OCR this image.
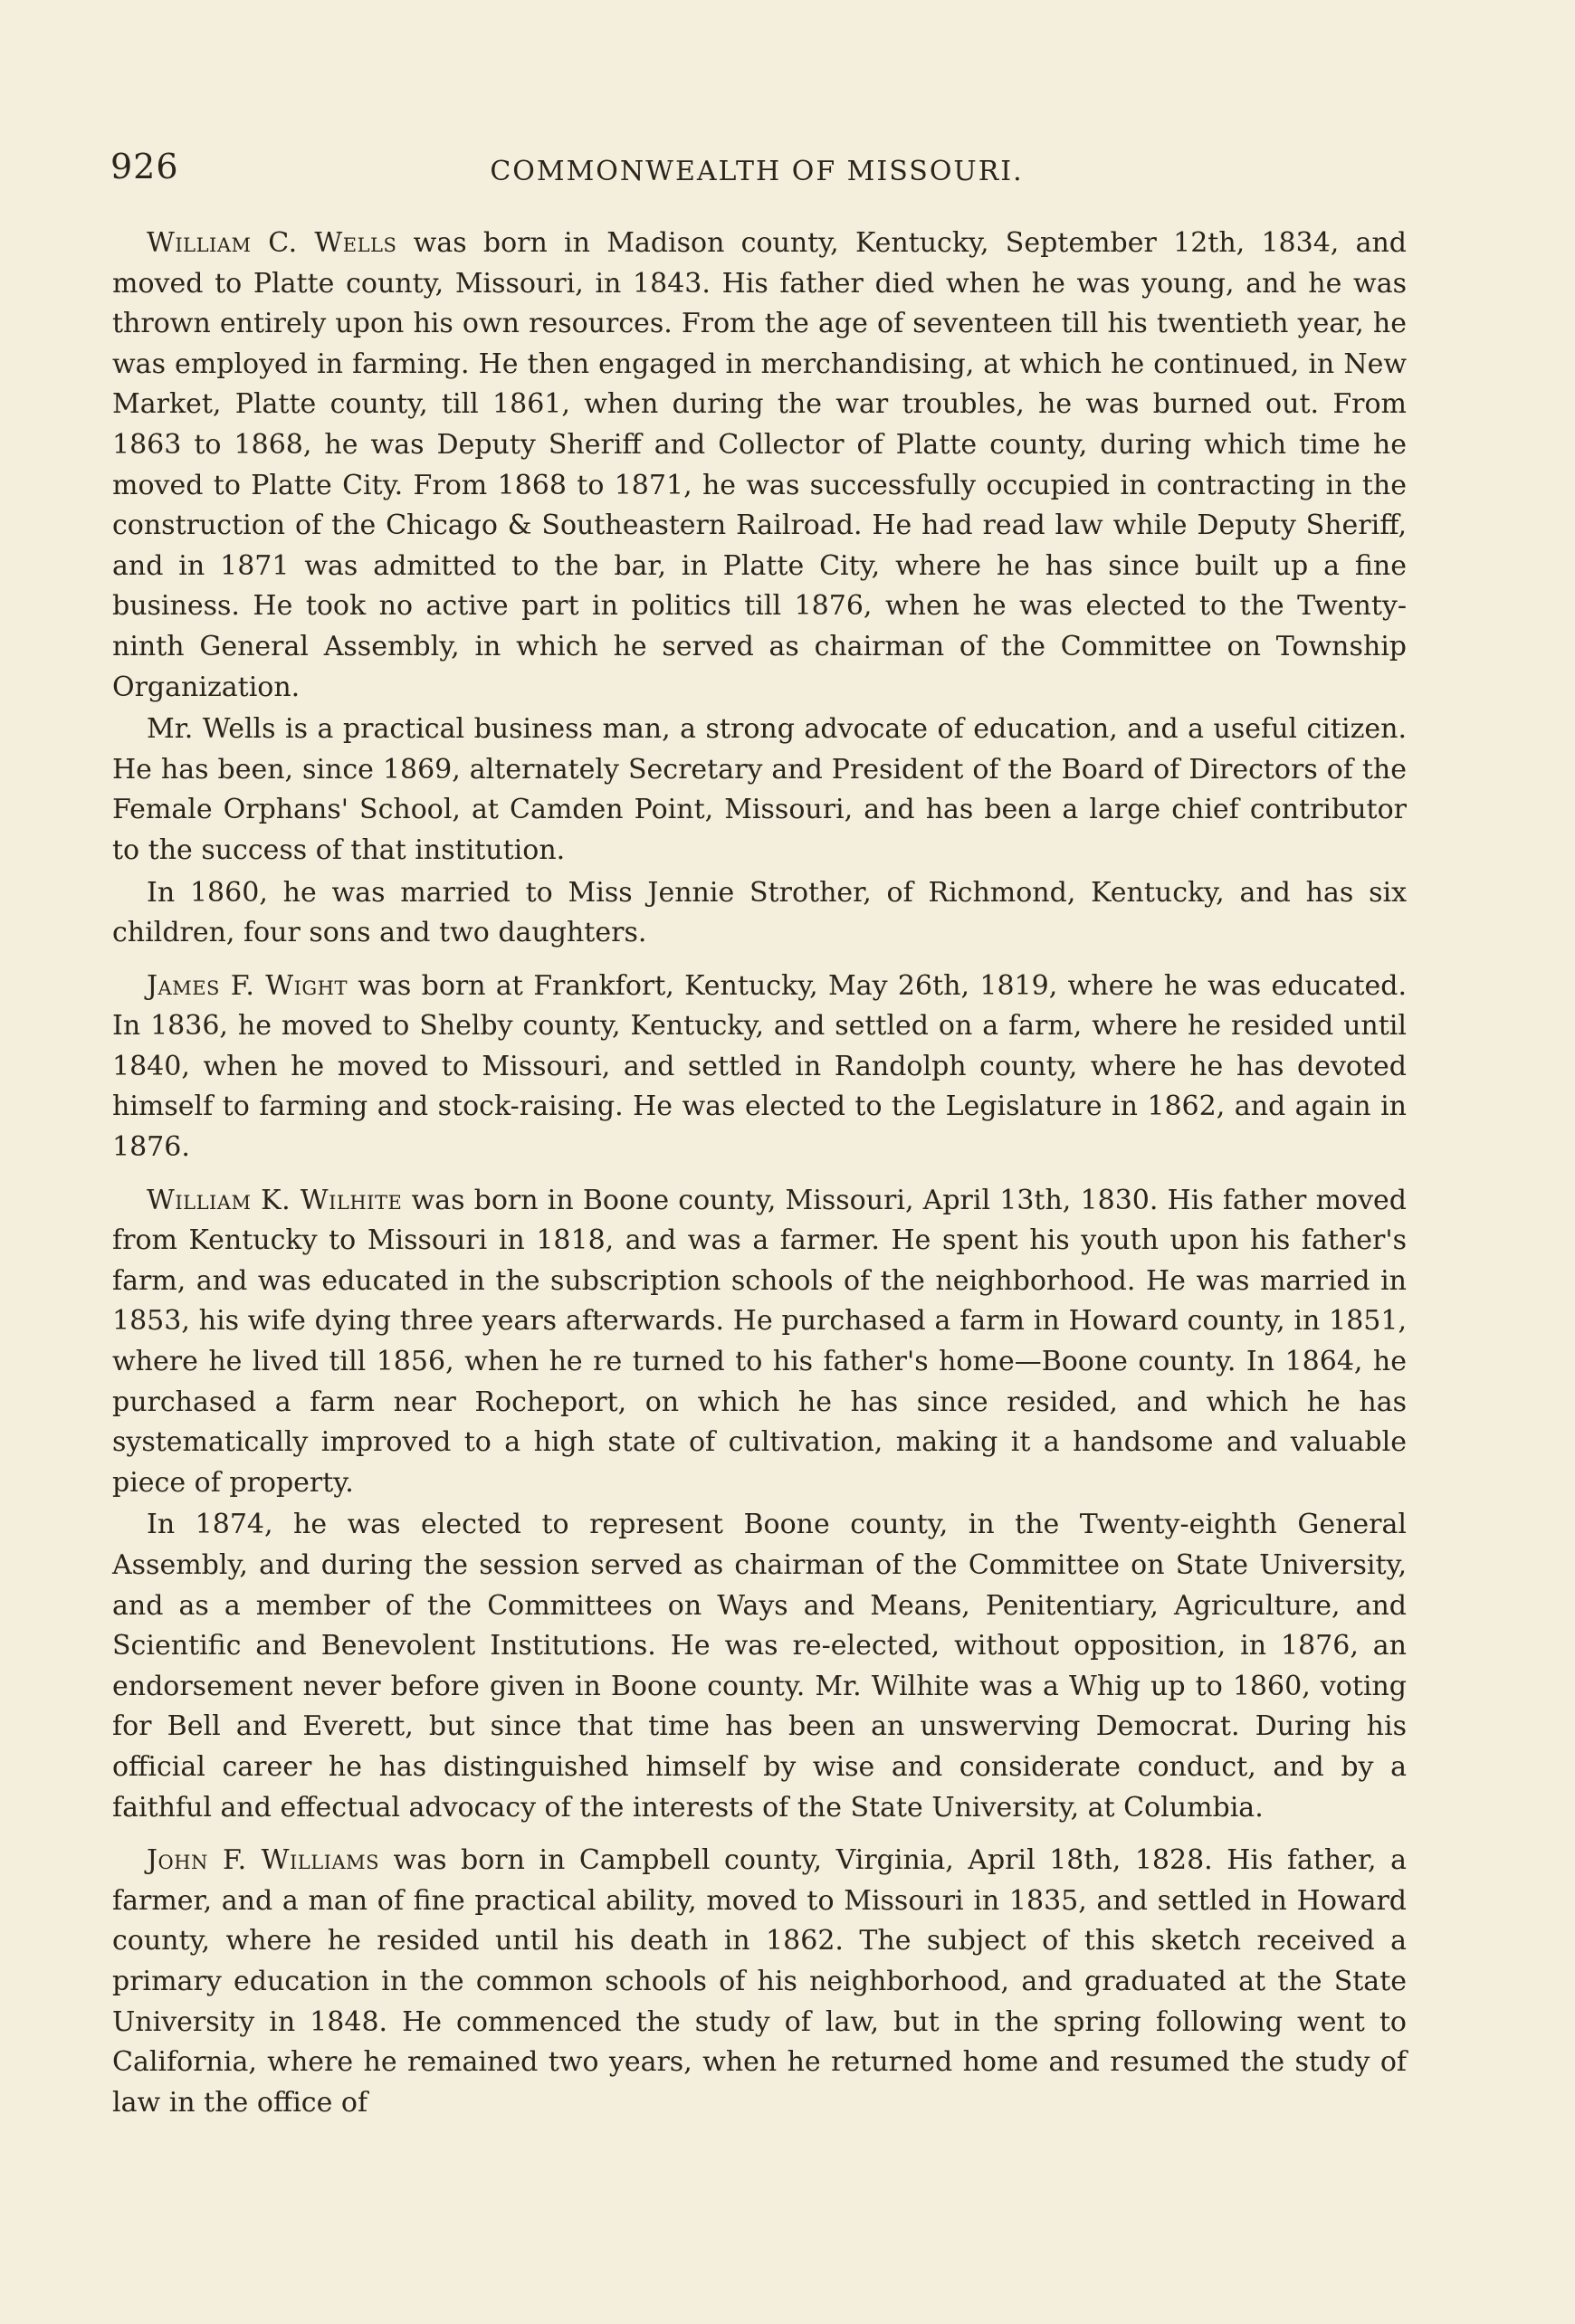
926	COMMONWEALTH OF MISSOURI.

William C. Wells was born in Madison county, Kentucky, September 12th, 1834, and moved to Platte county, Missouri, in 1843. His father died when he was young, and he was thrown entirely upon his own resources. From the age of seventeen till his twentieth year, he was employed in farming. He then engaged in merchandising, at which he continued, in New Market, Platte county, till 1861, when during the war troubles, he was burned out. From 1863 to 1868, he was Deputy Sheriff and Collector of Platte county, during which time he moved to Platte City. From 1868 to 1871, he was successfully occupied in contracting in the construction of the Chicago & Southeastern Railroad. He had read law while Deputy Sheriff, and in 1871 was admitted to the bar, in Platte City, where he has since built up a fine business. He took no active part in politics till 1876, when he was elected to the Twenty-ninth General Assembly, in which he served as chairman of the Committee on Township Organization.

Mr. Wells is a practical business man, a strong advocate of education, and a useful citizen. He has been, since 1869, alternately Secretary and President of the Board of Directors of the Female Orphans' School, at Camden Point, Missouri, and has been a large chief contributor to the success of that institution.

In 1860, he was married to Miss Jennie Strother, of Richmond, Kentucky, and has six children, four sons and two daughters.

James F. Wight was born at Frankfort, Kentucky, May 26th, 1819, where he was educated. In 1836, he moved to Shelby county, Kentucky, and settled on a farm, where he resided until 1840, when he moved to Missouri, and settled in Randolph county, where he has devoted himself to farming and stock-raising. He was elected to the Legislature in 1862, and again in 1876.

William K. Wilhite was born in Boone county, Missouri, April 13th, 1830. His father moved from Kentucky to Missouri in 1818, and was a farmer. He spent his youth upon his father's farm, and was educated in the subscription schools of the neighborhood. He was married in 1853, his wife dying three years afterwards. He purchased a farm in Howard county, in 1851, where he lived till 1856, when he re turned to his father's home—Boone county. In 1864, he purchased a farm near Rocheport, on which he has since resided, and which he has systematically improved to a high state of cultivation, making it a handsome and valuable piece of property.

In 1874, he was elected to represent Boone county, in the Twenty-eighth General Assembly, and during the session served as chairman of the Committee on State University, and as a member of the Committees on Ways and Means, Penitentiary, Agriculture, and Scientific and Benevolent Institutions. He was re-elected, without opposition, in 1876, an endorsement never before given in Boone county. Mr. Wilhite was a Whig up to 1860, voting for Bell and Everett, but since that time has been an unswerving Democrat. During his official career he has distinguished himself by wise and considerate conduct, and by a faithful and effectual advocacy of the interests of the State University, at Columbia.

John F. Williams was born in Campbell county, Virginia, April 18th, 1828. His father, a farmer, and a man of fine practical ability, moved to Missouri in 1835, and settled in Howard county, where he resided until his death in 1862. The subject of this sketch received a primary education in the common schools of his neighborhood, and graduated at the State University in 1848. He commenced the study of law, but in the spring following went to California, where he remained two years, when he returned home and resumed the study of law in the office of
